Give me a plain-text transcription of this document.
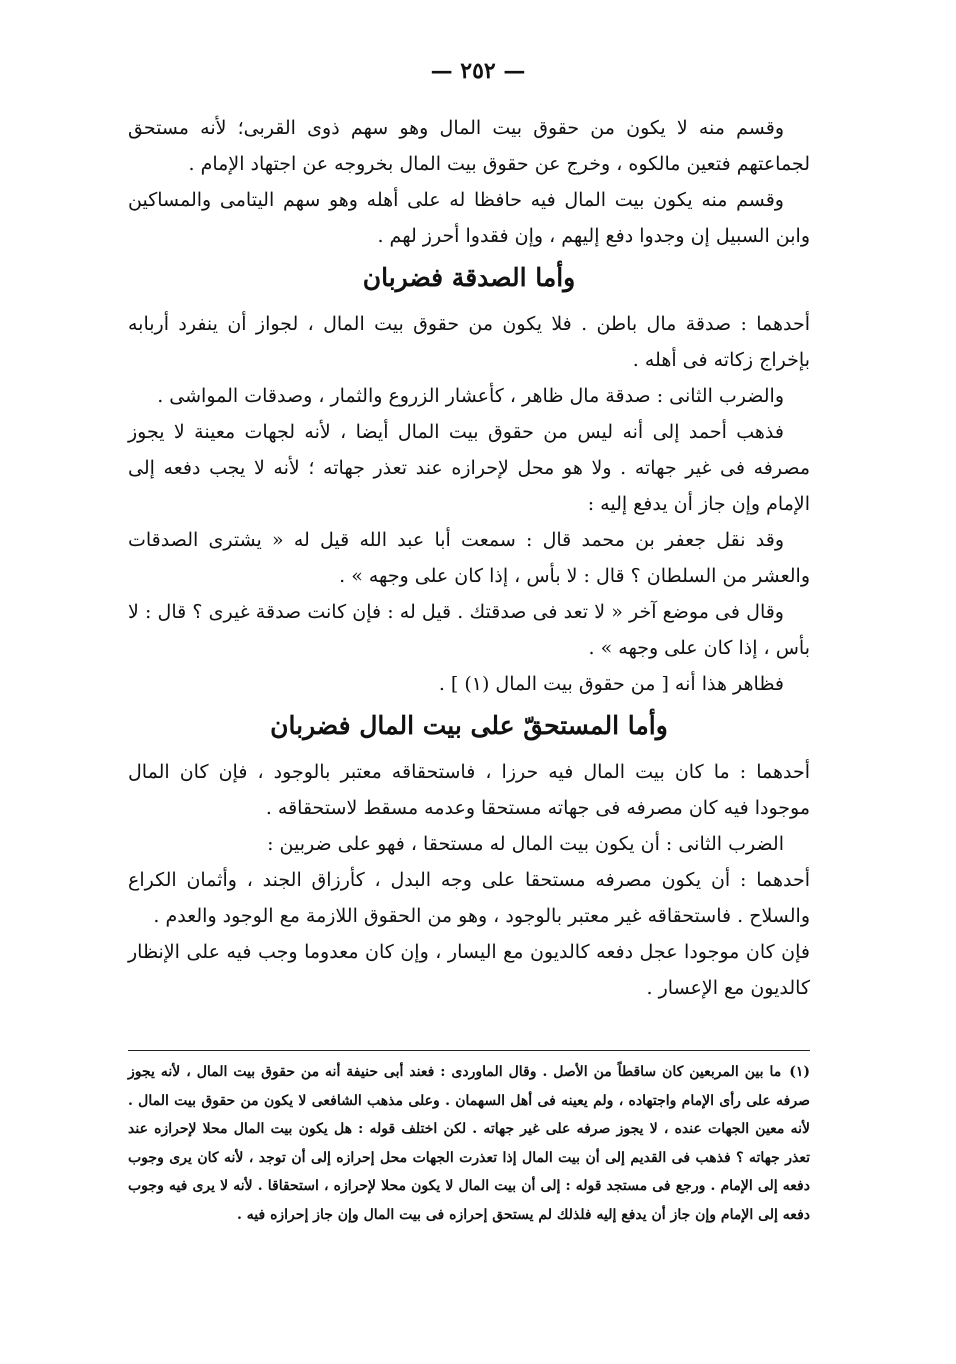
— ٢٥٢ —

وقسم منه لا يكون من حقوق بيت المال وهو سهم ذوى القربى؛ لأنه مستحق لجماعتهم فتعين مالكوه ، وخرج عن حقوق بيت المال بخروجه عن اجتهاد الإمام .

وقسم منه يكون بيت المال فيه حافظا له على أهله وهو سهم اليتامى والمساكين وابن السبيل إن وجدوا دفع إليهم ، وإن فقدوا أحرز لهم .

وأما الصدقة فضربان

أحدهما : صدقة مال باطن . فلا يكون من حقوق بيت المال ، لجواز أن ينفرد أربابه بإخراج زكاته فى أهله .

والضرب الثانى : صدقة مال ظاهر ، كأعشار الزروع والثمار ، وصدقات المواشى .

فذهب أحمد إلى أنه ليس من حقوق بيت المال أيضا ، لأنه لجهات معينة لا يجوز مصرفه فى غير جهاته . ولا هو محل لإحرازه عند تعذر جهاته ؛ لأنه لا يجب دفعه إلى الإمام وإن جاز أن يدفع إليه :

وقد نقل جعفر بن محمد قال : سمعت أبا عبد الله قيل له « يشترى الصدقات والعشر من السلطان ؟ قال : لا بأس ، إذا كان على وجهه » .

وقال فى موضع آخر « لا تعد فى صدقتك . قيل له : فإن كانت صدقة غيرى ؟ قال : لا بأس ، إذا كان على وجهه » .

فظاهر هذا أنه [ من حقوق بيت المال (١) ] .

وأما المستحقّ على بيت المال فضربان

أحدهما : ما كان بيت المال فيه حرزا ، فاستحقاقه معتبر بالوجود ، فإن كان المال موجودا فيه كان مصرفه فى جهاته مستحقا وعدمه مسقط لاستحقاقه .

الضرب الثانى : أن يكون بيت المال له مستحقا ، فهو على ضربين :

أحدهما : أن يكون مصرفه مستحقا على وجه البدل ، كأرزاق الجند ، وأثمان الكراع والسلاح . فاستحقاقه غير معتبر بالوجود ، وهو من الحقوق اللازمة مع الوجود والعدم .

فإن كان موجودا عجل دفعه كالديون مع اليسار ، وإن كان معدوما وجب فيه على الإنظار كالديون مع الإعسار .

(١)ما بين المربعين كان ساقطاً من الأصل . وقال الماوردى : فعند أبى حنيفة أنه من حقوق بيت المال ، لأنه يجوز صرفه على رأى الإمام واجتهاده ، ولم يعينه فى أهل السهمان . وعلى مذهب الشافعى لا يكون من حقوق بيت المال . لأنه معين الجهات عنده ، لا يجوز صرفه على غير جهاته . لكن اختلف قوله : هل يكون بيت المال محلا لإحرازه عند تعذر جهاته ؟ فذهب فى القديم إلى أن بيت المال إذا تعذرت الجهات محل إحرازه إلى أن توجد ، لأنه كان يرى وجوب دفعه إلى الإمام . ورجع فى مستجد قوله : إلى أن بيت المال لا يكون محلا لإحرازه ، استحقاقا . لأنه لا يرى فيه وجوب دفعه إلى الإمام وإن جاز أن يدفع إليه فلذلك لم يستحق إحرازه فى بيت المال وإن جاز إحرازه فيه .
